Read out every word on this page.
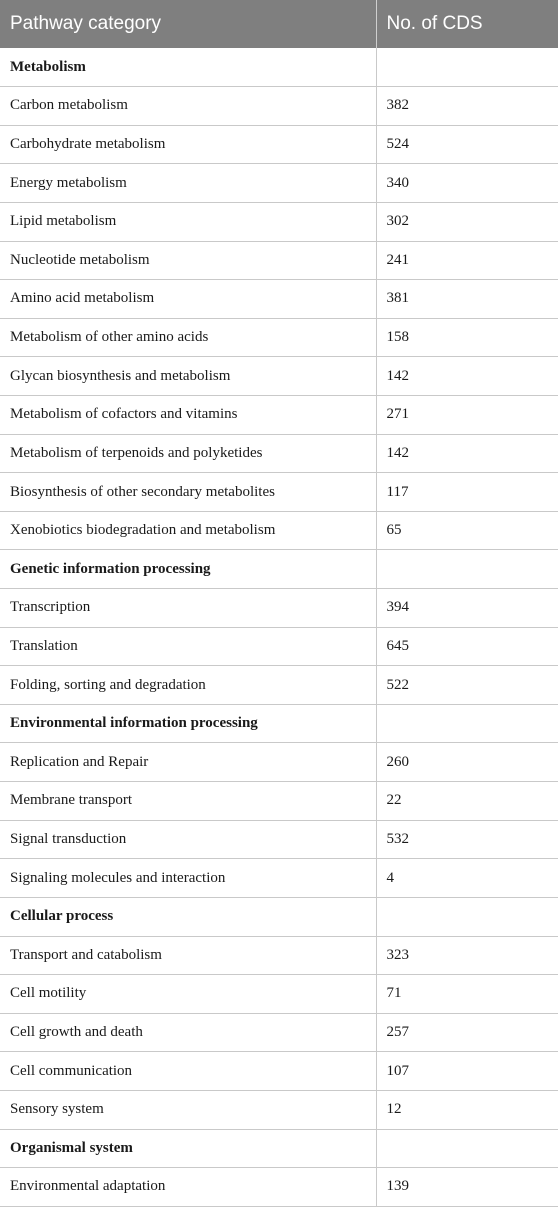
Pathway category	No. of CDS
Metabolism	
Carbon metabolism	382
Carbohydrate metabolism	524
Energy metabolism	340
Lipid metabolism	302
Nucleotide metabolism	241
Amino acid metabolism	381
Metabolism of other amino acids	158
Glycan biosynthesis and metabolism	142
Metabolism of cofactors and vitamins	271
Metabolism of terpenoids and polyketides	142
Biosynthesis of other secondary metabolites	117
Xenobiotics biodegradation and metabolism	65
Genetic information processing	
Transcription	394
Translation	645
Folding, sorting and degradation	522
Environmental information processing	
Replication and Repair	260
Membrane transport	22
Signal transduction	532
Signaling molecules and interaction	4
Cellular process	
Transport and catabolism	323
Cell motility	71
Cell growth and death	257
Cell communication	107
Sensory system	12
Organismal system	
Environmental adaptation	139
